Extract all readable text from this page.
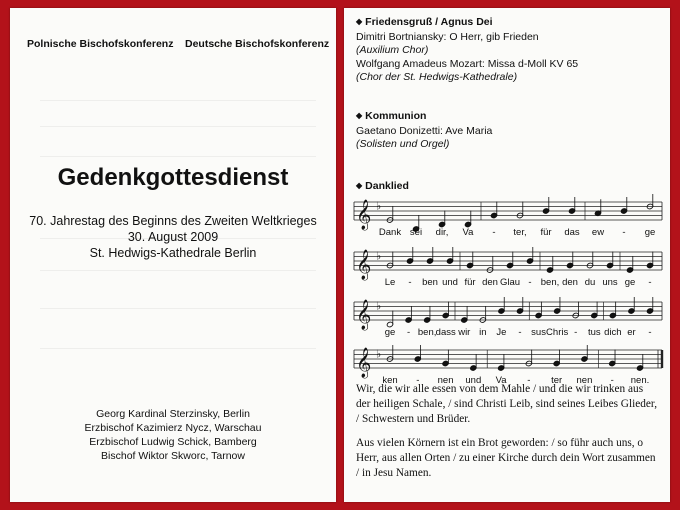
Polnische Bischofskonferenz Deutsche Bischofskonferenz
Gedenkgottesdienst
70. Jahrestag des Beginns des Zweiten Weltkrieges
30. August 2009
St. Hedwigs-Kathedrale Berlin
Georg Kardinal Sterzinsky, Berlin
Erzbischof Kazimierz Nycz, Warschau
Erzbischof Ludwig Schick, Bamberg
Bischof Wiktor Skworc, Tarnow
◆ Friedensgruß / Agnus Dei
Dimitri Bortniansky: O Herr, gib Frieden
(Auxilium Chor)
Wolfgang Amadeus Mozart: Missa d-Moll KV 65
(Chor der St. Hedwigs-Kathedrale)
◆ Kommunion
Gaetano Donizetti: Ave Maria
(Solisten und Orgel)
◆ Danklied
𝄞 ♭
Dank sei dir, Va - ter, für das ew - ge
𝄞 ♭
Le - ben und für den Glau - ben, den du uns ge -
𝄞 ♭
ge - ben, dass wir in Je - sus Chris - tus dich er -
𝄞 ♭
ken - nen und Va - ter nen - nen.
Wir, die wir alle essen von dem Mahle / und die wir trinken aus der heiligen Schale, / sind Christi Leib, sind seines Leibes Glieder, / Schwestern und Brüder.
Aus vielen Körnern ist ein Brot geworden: / so führ auch uns, o Herr, aus allen Orten / zu einer Kirche durch dein Wort zusammen / in Jesu Namen.
